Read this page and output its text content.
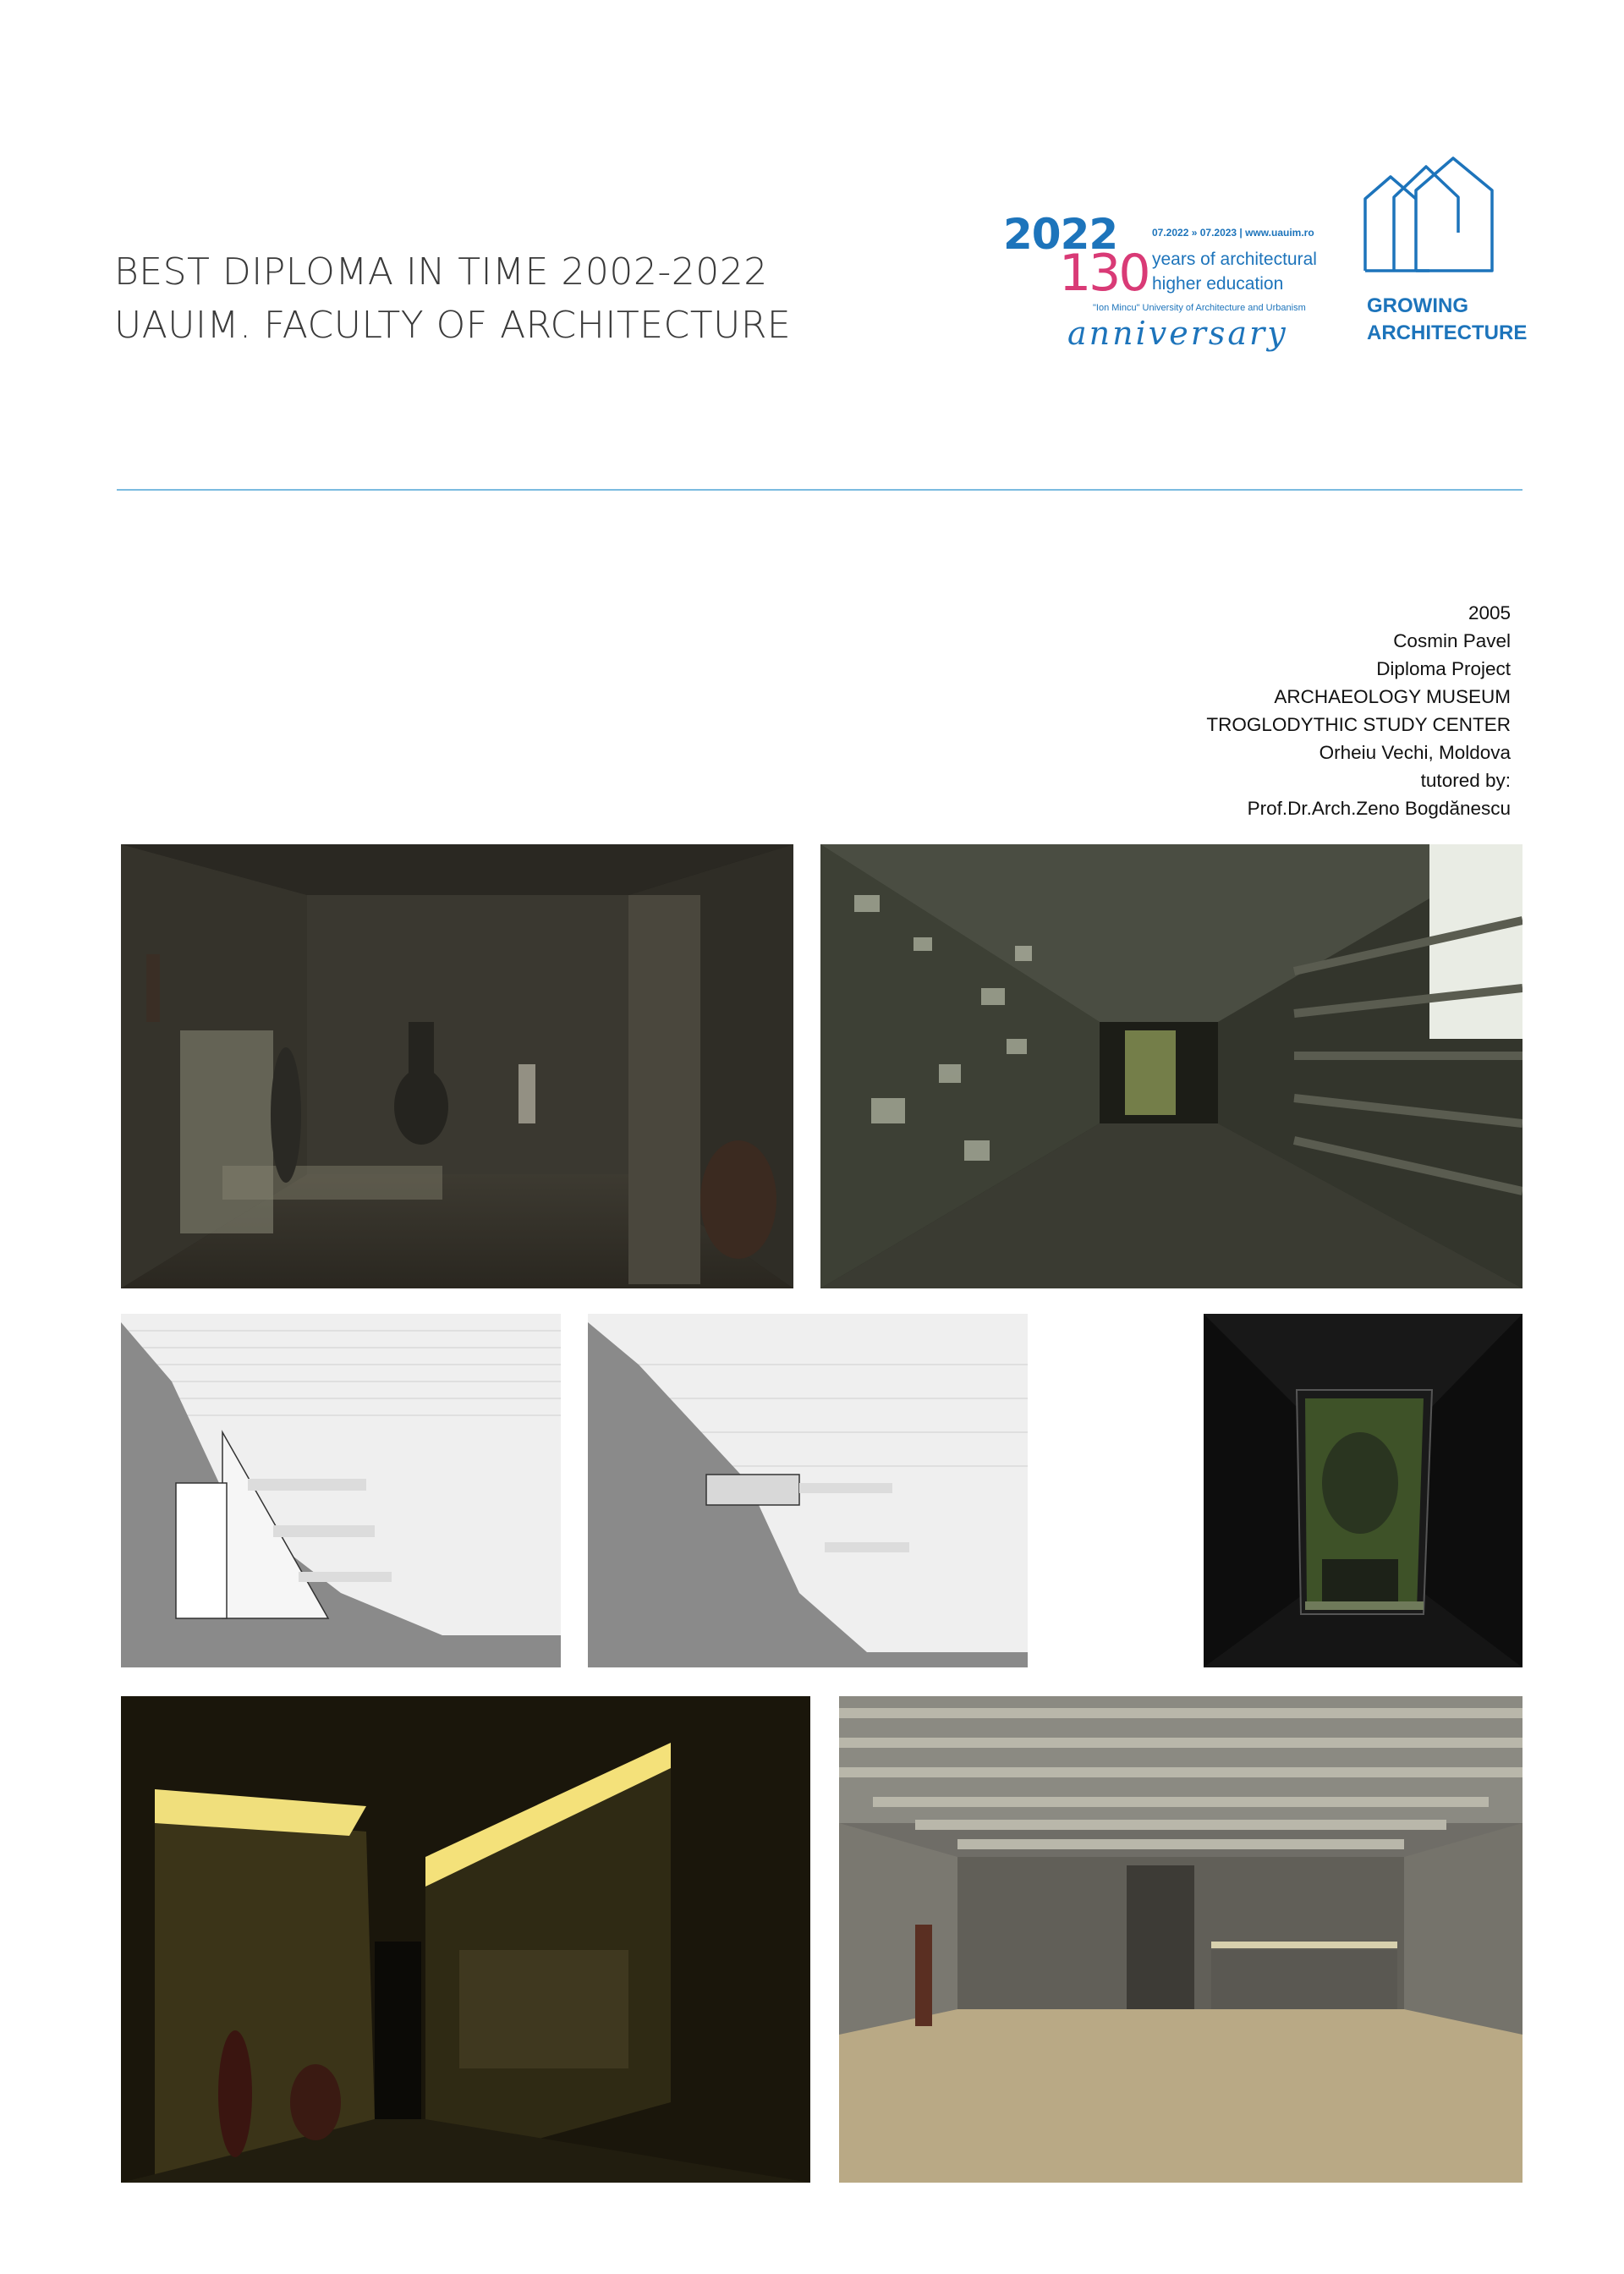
BEST DIPLOMA IN TIME 2002-2022
UAUIM. FACULTY OF ARCHITECTURE
2022
130
07.2022 » 07.2023 | www.uauim.ro
years of architectural
higher education
"Ion Mincu" University of Architecture and Urbanism
anniversary
GROWING
ARCHITECTURE
2005
Cosmin Pavel
Diploma Project
ARCHAEOLOGY MUSEUM
TROGLODYTHIC STUDY CENTER
Orheiu Vechi, Moldova
tutored by:
Prof.Dr.Arch.Zeno Bogdănescu
